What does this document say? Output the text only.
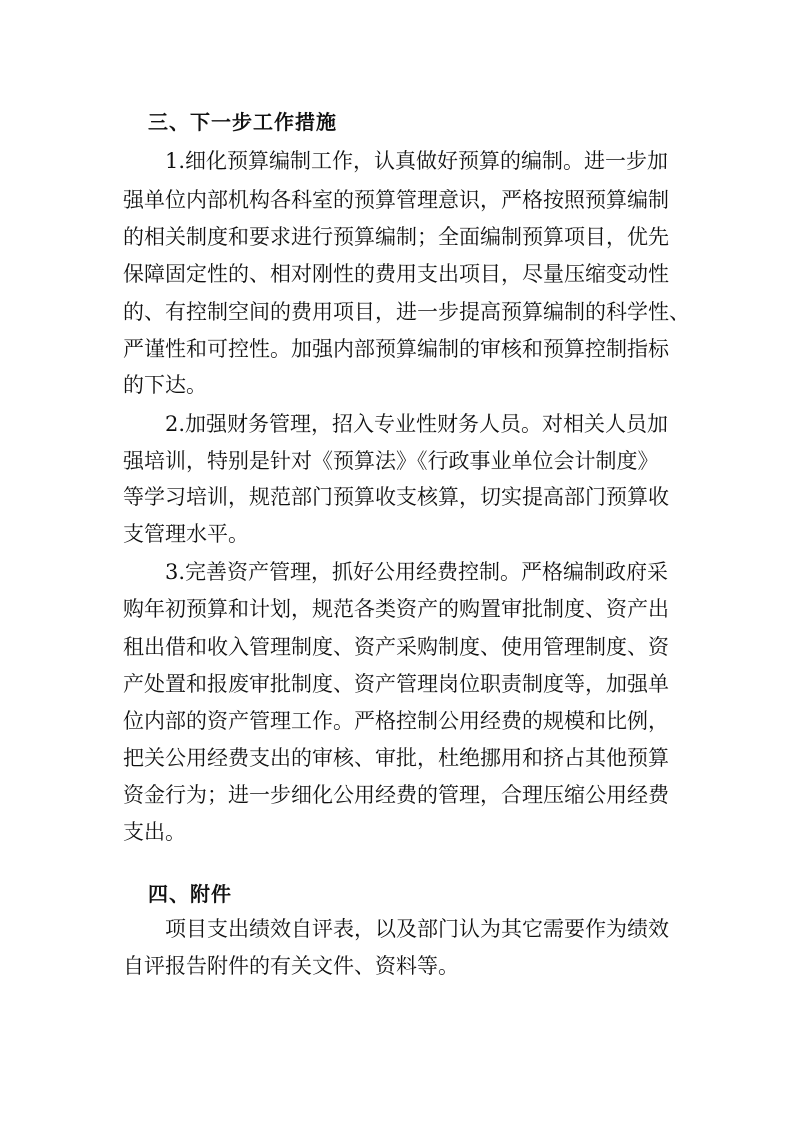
三、下一步工作措施
1.细化预算编制工作，认真做好预算的编制。进一步加
强单位内部机构各科室的预算管理意识，严格按照预算编制
的相关制度和要求进行预算编制；全面编制预算项目，优先
保障固定性的、相对刚性的费用支出项目，尽量压缩变动性
的、有控制空间的费用项目，进一步提高预算编制的科学性、
严谨性和可控性。加强内部预算编制的审核和预算控制指标
的下达。
2.加强财务管理，招入专业性财务人员。对相关人员加
强培训，特别是针对《预算法》《行政事业单位会计制度》
等学习培训，规范部门预算收支核算，切实提高部门预算收
支管理水平。
3.完善资产管理，抓好公用经费控制。严格编制政府采
购年初预算和计划，规范各类资产的购置审批制度、资产出
租出借和收入管理制度、资产采购制度、使用管理制度、资
产处置和报废审批制度、资产管理岗位职责制度等，加强单
位内部的资产管理工作。严格控制公用经费的规模和比例，
把关公用经费支出的审核、审批，杜绝挪用和挤占其他预算
资金行为；进一步细化公用经费的管理，合理压缩公用经费
支出。
四、附件
项目支出绩效自评表，以及部门认为其它需要作为绩效
自评报告附件的有关文件、资料等。
